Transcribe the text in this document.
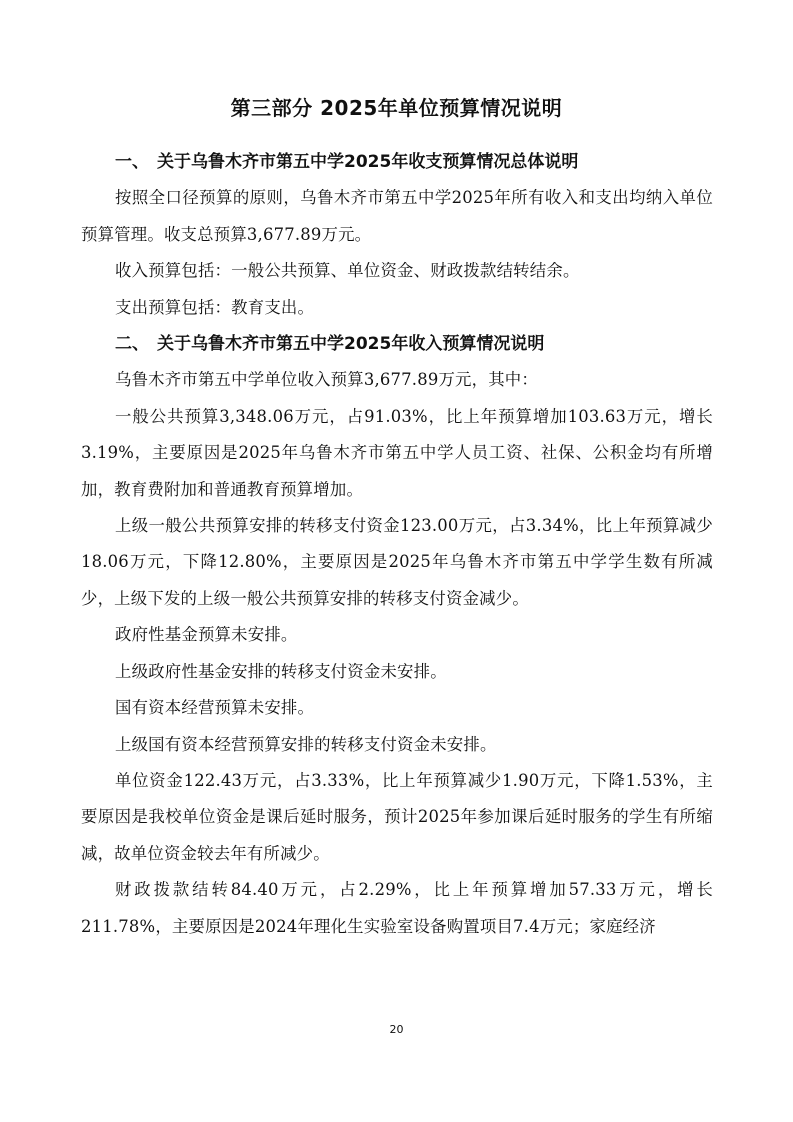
第三部分 2025年单位预算情况说明
一、 关于乌鲁木齐市第五中学2025年收支预算情况总体说明

按照全口径预算的原则，乌鲁木齐市第五中学2025年所有收入和支出均纳入单位预算管理。收支总预算3,677.89万元。

收入预算包括：一般公共预算、单位资金、财政拨款结转结余。

支出预算包括：教育支出。

二、 关于乌鲁木齐市第五中学2025年收入预算情况说明

乌鲁木齐市第五中学单位收入预算3,677.89万元，其中：

一般公共预算3,348.06万元，占91.03%，比上年预算增加103.63万元，增长3.19%，主要原因是2025年乌鲁木齐市第五中学人员工资、社保、公积金均有所增加，教育费附加和普通教育预算增加。

上级一般公共预算安排的转移支付资金123.00万元，占3.34%，比上年预算减少18.06万元，下降12.80%，主要原因是2025年乌鲁木齐市第五中学学生数有所减少，上级下发的上级一般公共预算安排的转移支付资金减少。

政府性基金预算未安排。

上级政府性基金安排的转移支付资金未安排。

国有资本经营预算未安排。

上级国有资本经营预算安排的转移支付资金未安排。

单位资金122.43万元，占3.33%，比上年预算减少1.90万元，下降1.53%，主要原因是我校单位资金是课后延时服务，预计2025年参加课后延时服务的学生有所缩减，故单位资金较去年有所减少。

财政拨款结转84.40万元，占2.29%，比上年预算增加57.33万元，增长211.78%，主要原因是2024年理化生实验室设备购置项目7.4万元；家庭经济

20
